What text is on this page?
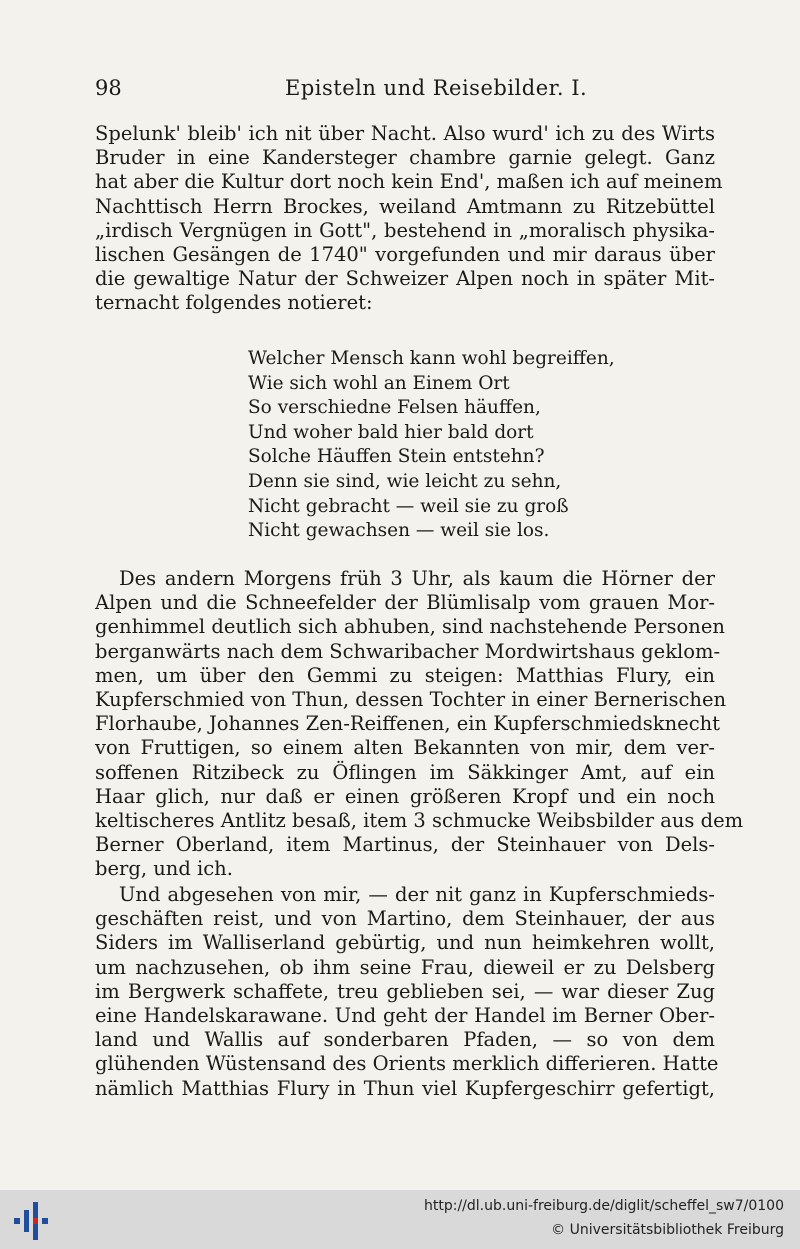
98	Episteln und Reisebilder. I.
Spelunk' bleib' ich nit über Nacht. Also wurd' ich zu des Wirts
Bruder in eine Kandersteger chambre garnie gelegt. Ganz
hat aber die Kultur dort noch kein End', maßen ich auf meinem
Nachttisch Herrn Brockes, weiland Amtmann zu Ritzebüttel
„irdisch Vergnügen in Gott", bestehend in „moralisch physika-
lischen Gesängen de 1740" vorgefunden und mir daraus über
die gewaltige Natur der Schweizer Alpen noch in später Mit-
ternacht folgendes notieret:
Welcher Mensch kann wohl begreiffen,
Wie sich wohl an Einem Ort
So verschiedne Felsen häuffen,
Und woher bald hier bald dort
Solche Häuffen Stein entstehn?
Denn sie sind, wie leicht zu sehn,
Nicht gebracht — weil sie zu groß
Nicht gewachsen — weil sie los.
Des andern Morgens früh 3 Uhr, als kaum die Hörner der
Alpen und die Schneefelder der Blümlisalp vom grauen Mor-
genhimmel deutlich sich abhuben, sind nachstehende Personen
berganwärts nach dem Schwaribacher Mordwirtshaus geklom-
men, um über den Gemmi zu steigen: Matthias Flury, ein
Kupferschmied von Thun, dessen Tochter in einer Bernerischen
Florhaube, Johannes Zen-Reiffenen, ein Kupferschmiedsknecht
von Fruttigen, so einem alten Bekannten von mir, dem ver-
soffenen Ritzibeck zu Öflingen im Säkkinger Amt, auf ein
Haar glich, nur daß er einen größeren Kropf und ein noch
keltischeres Antlitz besaß, item 3 schmucke Weibsbilder aus dem
Berner Oberland, item Martinus, der Steinhauer von Dels-
berg, und ich.
Und abgesehen von mir, — der nit ganz in Kupferschmieds-
geschäften reist, und von Martino, dem Steinhauer, der aus
Siders im Walliserland gebürtig, und nun heimkehren wollt,
um nachzusehen, ob ihm seine Frau, dieweil er zu Delsberg
im Bergwerk schaffete, treu geblieben sei, — war dieser Zug
eine Handelskarawane. Und geht der Handel im Berner Ober-
land und Wallis auf sonderbaren Pfaden, — so von dem
glühenden Wüstensand des Orients merklich differieren. Hatte
nämlich Matthias Flury in Thun viel Kupfergeschirr gefertigt,
http://dl.ub.uni-freiburg.de/diglit/scheffel_sw7/0100
© Universitätsbibliothek Freiburg
